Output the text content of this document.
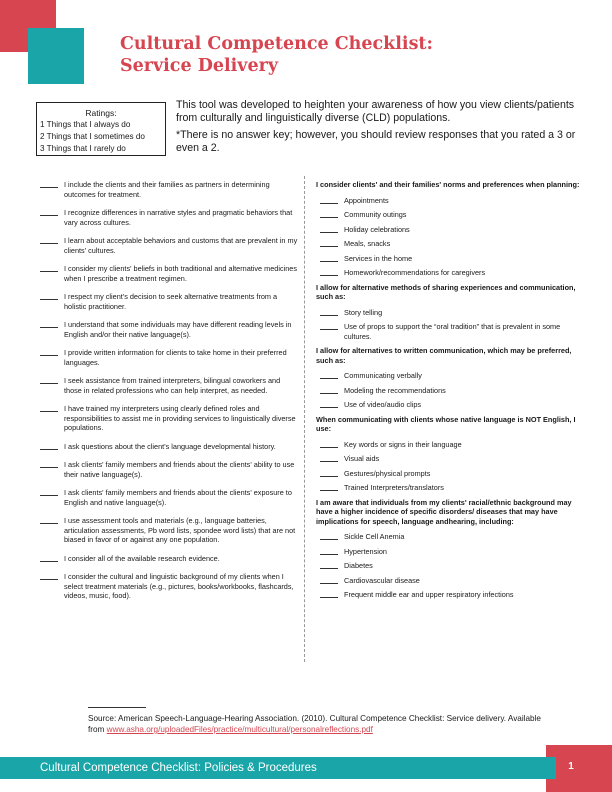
Cultural Competence Checklist:
Service Delivery
Ratings:
1 Things that I always do
2 Things that I sometimes do
3 Things that I rarely do

This tool was developed to heighten your awareness of how you view clients/patients from culturally and linguistically diverse (CLD) populations.

*There is no answer key; however, you should review responses that you rated a 3 or even a 2.

I include the clients and their families as partners in determining outcomes for treatment.
I recognize differences in narrative styles and pragmatic behaviors that vary across cultures.
I learn about acceptable behaviors and customs that are prevalent in my clients' cultures.
I consider my clients' beliefs in both traditional and alternative medicines when I prescribe a treatment regimen.
I respect my client's decision to seek alternative treatments from a holistic practitioner.
I understand that some individuals may have different reading levels in English and/or their native language(s).
I provide written information for clients to take home in their preferred languages.
I seek assistance from trained interpreters, bilingual coworkers and those in related professions who can help interpret, as needed.
I have trained my interpreters using clearly defined roles and responsibilities to assist me in providing services to linguistically diverse populations.
I ask questions about the client's language developmental history.
I ask clients' family members and friends about the clients' ability to use their native language(s).
I ask clients' family members and friends about the clients' exposure to English and native language(s).
I use assessment tools and materials (e.g., language batteries, articulation assessments, Pb word lists, spondee word lists) that are not biased in favor of or against any one population.
I consider all of the available research evidence.
I consider the cultural and linguistic background of my clients when I select treatment materials (e.g., pictures, books/workbooks, flashcards, videos, music, food).
I consider clients' and their families' norms and preferences when planning:
Appointments
Community outings
Holiday celebrations
Meals, snacks
Services in the home
Homework/recommendations for caregivers
I allow for alternative methods of sharing experiences and communication, such as:
Story telling
Use of props to support the “oral tradition” that is prevalent in some cultures.
I allow for alternatives to written communication, which may be preferred, such as:
Communicating verbally
Modeling the recommendations
Use of video/audio clips
When communicating with clients whose native language is NOT English, I use:
Key words or signs in their language
Visual aids
Gestures/physical prompts
Trained Interpreters/translators
I am aware that individuals from my clients' racial/ethnic background may have a higher incidence of specific disorders/ diseases that may have implications for speech, language andhearing, including:
Sickle Cell Anemia
Hypertension
Diabetes
Cardiovascular disease
Frequent middle ear and upper respiratory infections
Source: American Speech-Language-Hearing Association. (2010). Cultural Competence Checklist: Service delivery. Available from www.asha.org/uploadedFiles/practice/multicultural/personalreflections.pdf
Cultural Competence Checklist: Policies & Procedures	1
